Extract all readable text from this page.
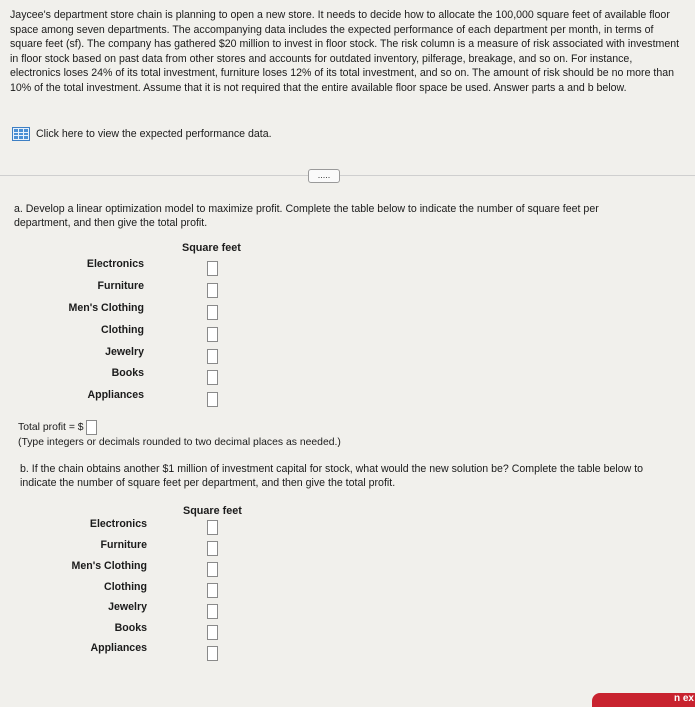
Jaycee's department store chain is planning to open a new store. It needs to decide how to allocate the 100,000 square feet of available floor space among seven departments. The accompanying data includes the expected performance of each department per month, in terms of square feet (sf). The company has gathered $20 million to invest in floor stock. The risk column is a measure of risk associated with investment in floor stock based on past data from other stores and accounts for outdated inventory, pilferage, breakage, and so on. For instance, electronics loses 24% of its total investment, furniture loses 12% of its total investment, and so on. The amount of risk should be no more than 10% of the total investment. Assume that it is not required that the entire available floor space be used. Answer parts a and b below.
Click here to view the expected performance data.
.....
a. Develop a linear optimization model to maximize profit. Complete the table below to indicate the number of square feet per department, and then give the total profit.
Square feet
Electronics
Furniture
Men's Clothing
Clothing
Jewelry
Books
Appliances
Total profit = $
(Type integers or decimals rounded to two decimal places as needed.)
b. If the chain obtains another $1 million of investment capital for stock, what would the new solution be? Complete the table below to indicate the number of square feet per department, and then give the total profit.
Square feet
Electronics
Furniture
Men's Clothing
Clothing
Jewelry
Books
Appliances
n ex
